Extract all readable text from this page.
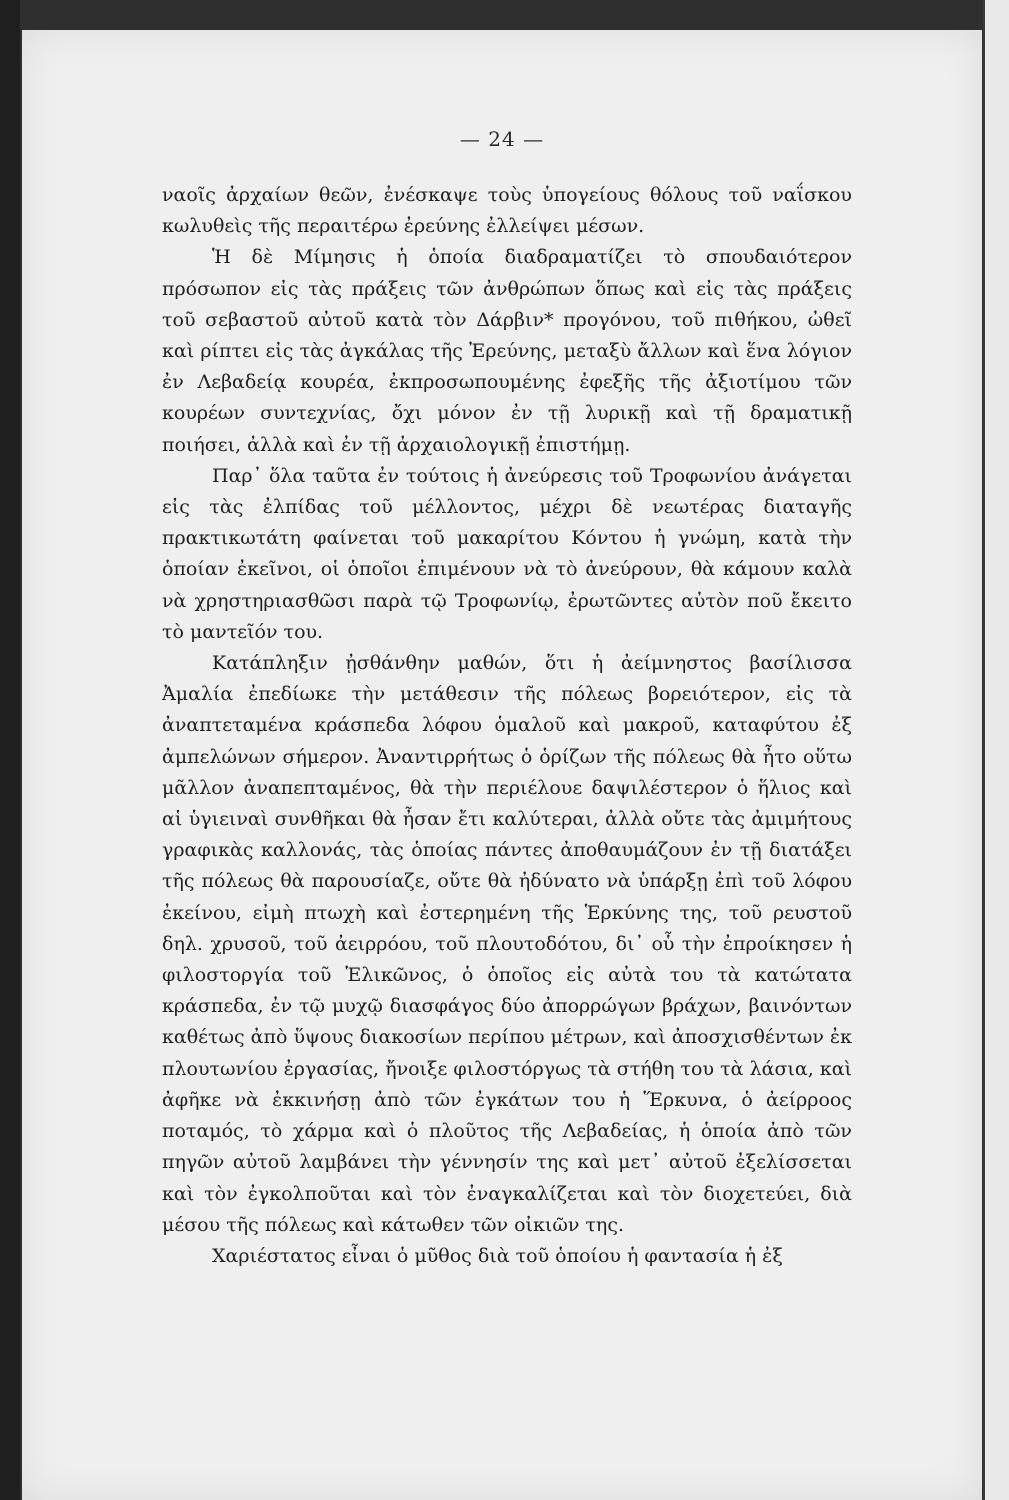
— 24 —

ναοῖς ἀρχαίων θεῶν, ἐνέσκαψε τοὺς ὑπογείους θόλους τοῦ ναΐσκου κωλυθεὶς τῆς περαιτέρω ἐρεύνης ἐλλείψει μέσων.

Ἡ δὲ Μίμησις ἡ ὁποία διαδραματίζει τὸ σπουδαιότερον πρόσωπον εἰς τὰς πράξεις τῶν ἀνθρώπων ὅπως καὶ εἰς τὰς πράξεις τοῦ σεβαστοῦ αὐτοῦ κατὰ τὸν Δάρβιν* προγόνου, τοῦ πιθήκου, ὠθεῖ καὶ ρίπτει εἰς τὰς ἀγκάλας τῆς Ἐρεύνης, μεταξὺ ἄλλων καὶ ἕνα λόγιον ἐν Λεβαδείᾳ κουρέα, ἐκπροσωπουμένης ἐφεξῆς τῆς ἀξιοτίμου τῶν κουρέων συντεχνίας, ὄχι μόνον ἐν τῇ λυρικῇ καὶ τῇ δραματικῇ ποιήσει, ἀλλὰ καὶ ἐν τῇ ἀρχαιολογικῇ ἐπιστήμῃ.

Παρ᾽ ὅλα ταῦτα ἐν τούτοις ἡ ἀνεύρεσις τοῦ Τροφωνίου ἀνάγεται εἰς τὰς ἐλπίδας τοῦ μέλλοντος, μέχρι δὲ νεωτέρας διαταγῆς πρακτικωτάτη φαίνεται τοῦ μακαρίτου Κόντου ἡ γνώμη, κατὰ τὴν ὁποίαν ἐκεῖνοι, οἱ ὁποῖοι ἐπιμένουν νὰ τὸ ἀνεύρουν, θὰ κάμουν καλὰ νὰ χρηστηριασθῶσι παρὰ τῷ Τροφωνίῳ, ἐρωτῶντες αὐτὸν ποῦ ἔκειτο τὸ μαντεῖόν του.

Κατάπληξιν ᾐσθάνθην μαθών, ὅτι ἡ ἀείμνηστος βασίλισσα Ἀμαλία ἐπεδίωκε τὴν μετάθεσιν τῆς πόλεως βορειότερον, εἰς τὰ ἀναπτεταμένα κράσπεδα λόφου ὁμαλοῦ καὶ μακροῦ, καταφύτου ἐξ ἀμπελώνων σήμερον. Ἀναντιρρήτως ὁ ὁρίζων τῆς πόλεως θὰ ἦτο οὕτω μᾶλλον ἀναπεπταμένος, θὰ τὴν περιέλουε δαψιλέστερον ὁ ἥλιος καὶ αἱ ὑγιειναὶ συνθῆκαι θὰ ἦσαν ἔτι καλύτεραι, ἀλλὰ οὔτε τὰς ἀμιμήτους γραφικὰς καλλονάς, τὰς ὁποίας πάντες ἀποθαυμάζουν ἐν τῇ διατάξει τῆς πόλεως θὰ παρουσίαζε, οὔτε θὰ ἠδύνατο νὰ ὑπάρξῃ ἐπὶ τοῦ λόφου ἐκείνου, εἰμὴ πτωχὴ καὶ ἐστερημένη τῆς Ἑρκύνης της, τοῦ ρευστοῦ δηλ. χρυσοῦ, τοῦ ἀειρρόου, τοῦ πλουτοδότου, δι᾽ οὗ τὴν ἐπροίκησεν ἡ φιλοστοργία τοῦ Ἑλικῶνος, ὁ ὁποῖος εἰς αὐτὰ του τὰ κατώτατα κράσπεδα, ἐν τῷ μυχῷ διασφάγος δύο ἀπορρώγων βράχων, βαινόντων καθέτως ἀπὸ ὕψους διακοσίων περίπου μέτρων, καὶ ἀποσχισθέντων ἐκ πλουτωνίου ἐργασίας, ἤνοιξε φιλοστόργως τὰ στήθη του τὰ λάσια, καὶ ἀφῆκε νὰ ἐκκινήσῃ ἀπὸ τῶν ἐγκάτων του ἡ Ἕρκυνα, ὁ ἀείρροος ποταμός, τὸ χάρμα καὶ ὁ πλοῦτος τῆς Λεβαδείας, ἡ ὁποία ἀπὸ τῶν πηγῶν αὐτοῦ λαμβάνει τὴν γέννησίν της καὶ μετ᾽ αὐτοῦ ἐξελίσσεται καὶ τὸν ἐγκολποῦται καὶ τὸν ἐναγκαλίζεται καὶ τὸν διοχετεύει, διὰ μέσου τῆς πόλεως καὶ κάτωθεν τῶν οἰκιῶν της.

Χαριέστατος εἶναι ὁ μῦθος διὰ τοῦ ὁποίου ἡ φαντασία ἡ ἐξ
